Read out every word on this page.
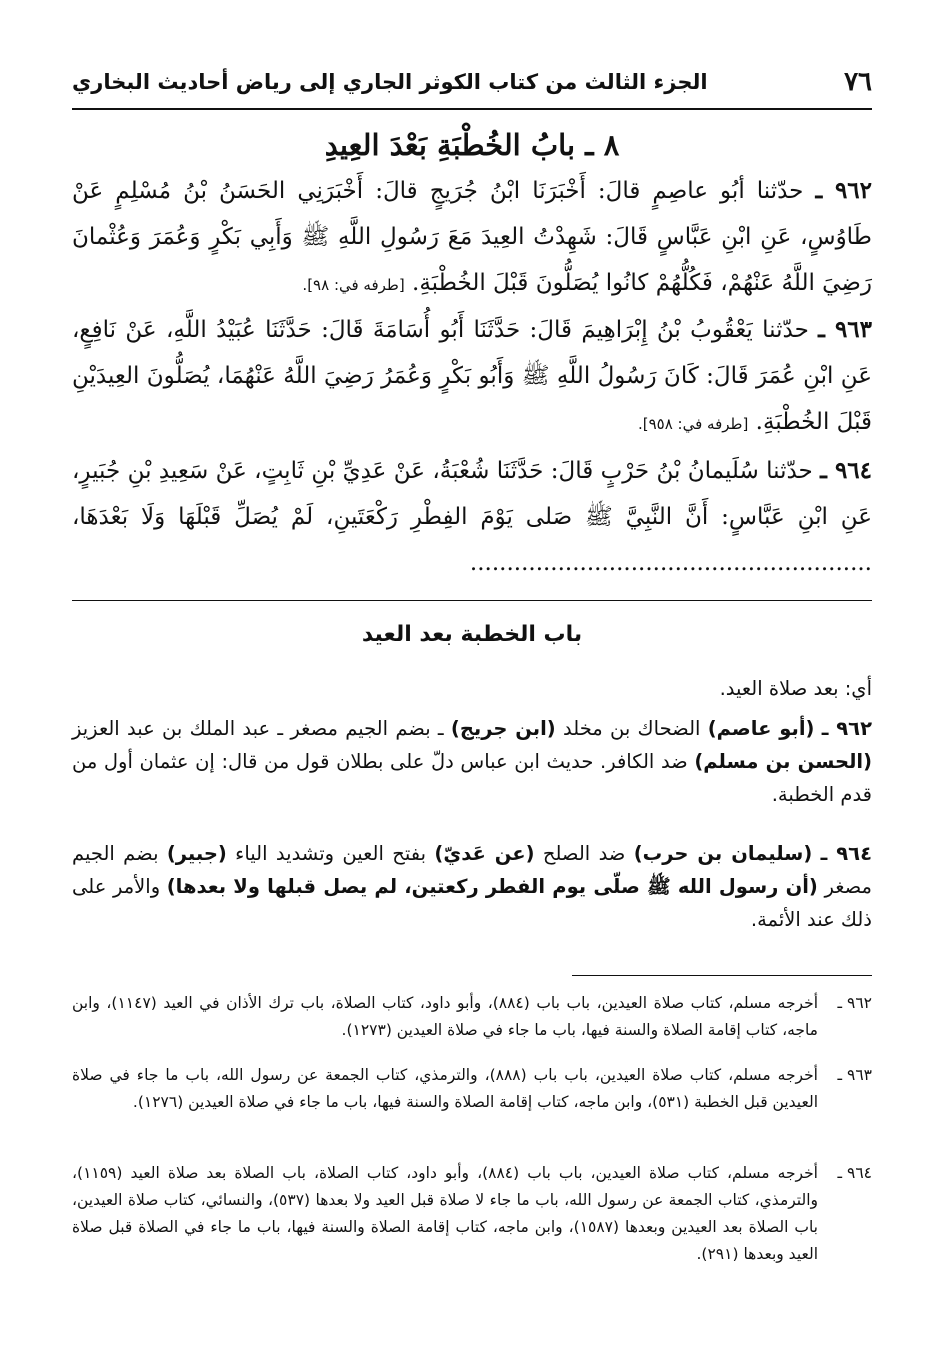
٧٦
الجزء الثالث من كتاب الكوثر الجاري إلى رياض أحاديث البخاري
٨ ـ بابُ الخُطْبَةِ بَعْدَ العِيدِ
٩٦٢ ـ حدّثنا أبُو عاصِمٍ قالَ: أَخْبَرَنَا ابْنُ جُرَيجٍ قالَ: أَخْبَرَنِي الحَسَنُ بْنُ مُسْلِمٍ عَنْ طَاوُسٍ، عَنِ ابْنِ عَبَّاسٍ قَالَ: شَهِدْتُ العِيدَ مَعَ رَسُولِ اللَّهِ ﷺ وَأَبِي بَكْرٍ وَعُمَرَ وَعُثْمانَ رَضِيَ اللَّهُ عَنْهُمْ، فَكُلُّهُمْ كانُوا يُصَلُّونَ قَبْلَ الخُطْبَةِ. [طرفه في: ٩٨].
٩٦٣ ـ حدّثنا يَعْقُوبُ بْنُ إِبْرَاهِيمَ قَالَ: حَدَّثَنَا أَبُو أُسَامَةَ قَالَ: حَدَّثَنَا عُبَيْدُ اللَّهِ، عَنْ نَافِعٍ، عَنِ ابْنِ عُمَرَ قَالَ: كَانَ رَسُولُ اللَّهِ ﷺ وَأَبُو بَكْرٍ وَعُمَرُ رَضِيَ اللَّهُ عَنْهُمَا، يُصَلُّونَ العِيدَيْنِ قَبْلَ الخُطْبَةِ. [طرفه في: ٩٥٨].
٩٦٤ ـ حدّثنا سُلَيمانُ بْنُ حَرْبٍ قَالَ: حَدَّثَنَا شُعْبَةُ، عَنْ عَدِيِّ بْنِ ثَابِتٍ، عَنْ سَعِيدِ بْنِ جُبَيرٍ، عَنِ ابْنِ عَبَّاسٍ: أَنَّ النَّبِيَّ ﷺ صَلى يَوْمَ الفِطْرِ رَكْعَتَينِ، لَمْ يُصَلِّ قَبْلَهَا وَلَا بَعْدَهَا، .......................................................
باب الخطبة بعد العيد
أي: بعد صلاة العيد.
٩٦٢ ـ (أبو عاصم) الضحاك بن مخلد (ابن جريج) ـ بضم الجيم مصغر ـ عبد الملك بن عبد العزيز (الحسن بن مسلم) ضد الكافر. حديث ابن عباس دلّ على بطلان قول من قال: إن عثمان أول من قدم الخطبة.
٩٦٤ ـ (سليمان بن حرب) ضد الصلح (عن عَديّ) بفتح العين وتشديد الياء (جبير) بضم الجيم مصغر (أن رسول الله ﷺ صلّى يوم الفطر ركعتين، لم يصل قبلها ولا بعدها) والأمر على ذلك عند الأئمة.
٩٦٢ ـ
أخرجه مسلم، كتاب صلاة العيدين، باب باب (٨٨٤)، وأبو داود، كتاب الصلاة، باب ترك الأذان في العيد (١١٤٧)، وابن ماجه، كتاب إقامة الصلاة والسنة فيها، باب ما جاء في صلاة العيدين (١٢٧٣).
٩٦٣ ـ
أخرجه مسلم، كتاب صلاة العيدين، باب باب (٨٨٨)، والترمذي، كتاب الجمعة عن رسول الله، باب ما جاء في صلاة العيدين قبل الخطبة (٥٣١)، وابن ماجه، كتاب إقامة الصلاة والسنة فيها، باب ما جاء في صلاة العيدين (١٢٧٦).
٩٦٤ ـ
أخرجه مسلم، كتاب صلاة العيدين، باب باب (٨٨٤)، وأبو داود، كتاب الصلاة، باب الصلاة بعد صلاة العيد (١١٥٩)، والترمذي، كتاب الجمعة عن رسول الله، باب ما جاء لا صلاة قبل العيد ولا بعدها (٥٣٧)، والنسائي، كتاب صلاة العيدين، باب الصلاة بعد العيدين وبعدها (١٥٨٧)، وابن ماجه، كتاب إقامة الصلاة والسنة فيها، باب ما جاء في الصلاة قبل صلاة العيد وبعدها (٢٩١).
